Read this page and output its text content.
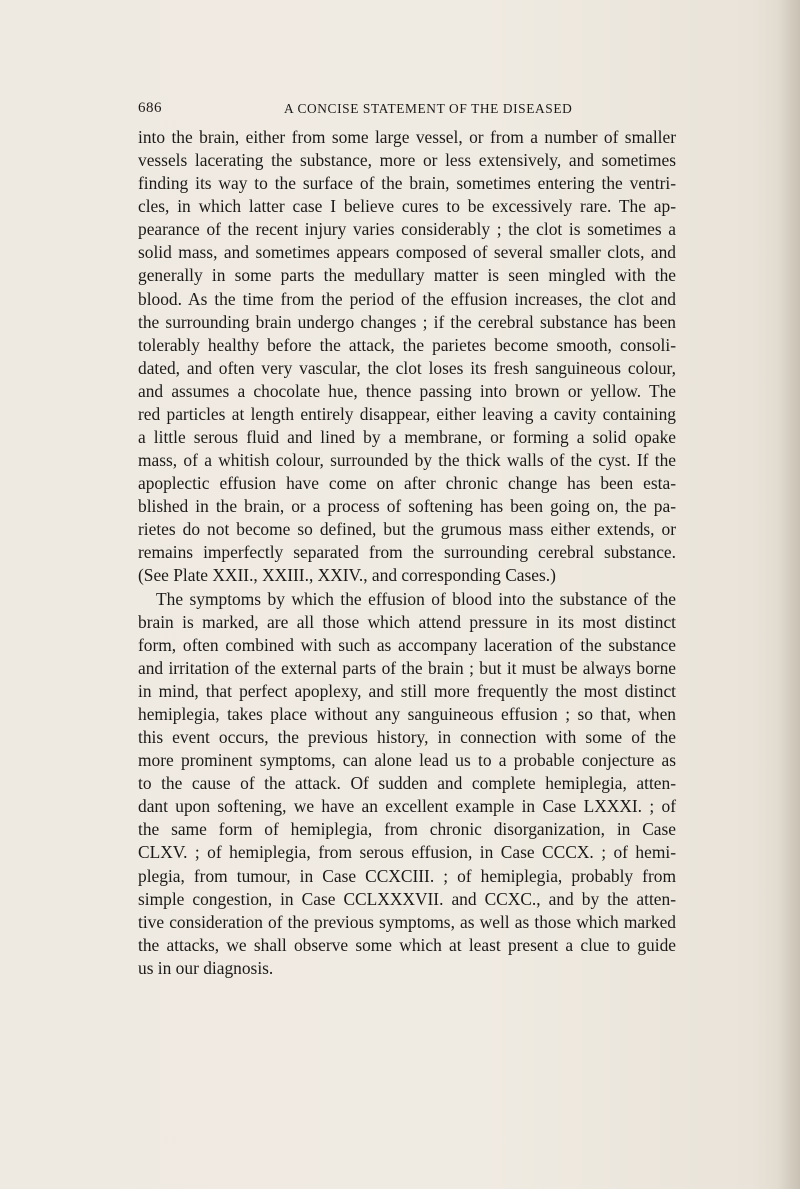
686	A CONCISE STATEMENT OF THE DISEASED
into the brain, either from some large vessel, or from a number of smaller
vessels lacerating the substance, more or less extensively, and sometimes
finding its way to the surface of the brain, sometimes entering the ventri-
cles, in which latter case I believe cures to be excessively rare. The ap-
pearance of the recent injury varies considerably ; the clot is sometimes a
solid mass, and sometimes appears composed of several smaller clots, and
generally in some parts the medullary matter is seen mingled with the
blood. As the time from the period of the effusion increases, the clot and
the surrounding brain undergo changes ; if the cerebral substance has been
tolerably healthy before the attack, the parietes become smooth, consoli-
dated, and often very vascular, the clot loses its fresh sanguineous colour,
and assumes a chocolate hue, thence passing into brown or yellow. The
red particles at length entirely disappear, either leaving a cavity containing
a little serous fluid and lined by a membrane, or forming a solid opake
mass, of a whitish colour, surrounded by the thick walls of the cyst. If the
apoplectic effusion have come on after chronic change has been esta-
blished in the brain, or a process of softening has been going on, the pa-
rietes do not become so defined, but the grumous mass either extends, or
remains imperfectly separated from the surrounding cerebral substance.
(See Plate XXII., XXIII., XXIV., and corresponding Cases.)
The symptoms by which the effusion of blood into the substance of the
brain is marked, are all those which attend pressure in its most distinct
form, often combined with such as accompany laceration of the substance
and irritation of the external parts of the brain ; but it must be always borne
in mind, that perfect apoplexy, and still more frequently the most distinct
hemiplegia, takes place without any sanguineous effusion ; so that, when
this event occurs, the previous history, in connection with some of the
more prominent symptoms, can alone lead us to a probable conjecture as
to the cause of the attack. Of sudden and complete hemiplegia, atten-
dant upon softening, we have an excellent example in Case LXXXI. ; of
the same form of hemiplegia, from chronic disorganization, in Case
CLXV. ; of hemiplegia, from serous effusion, in Case CCCX. ; of hemi-
plegia, from tumour, in Case CCXCIII. ; of hemiplegia, probably from
simple congestion, in Case CCLXXXVII. and CCXC., and by the atten-
tive consideration of the previous symptoms, as well as those which marked
the attacks, we shall observe some which at least present a clue to guide
us in our diagnosis.
